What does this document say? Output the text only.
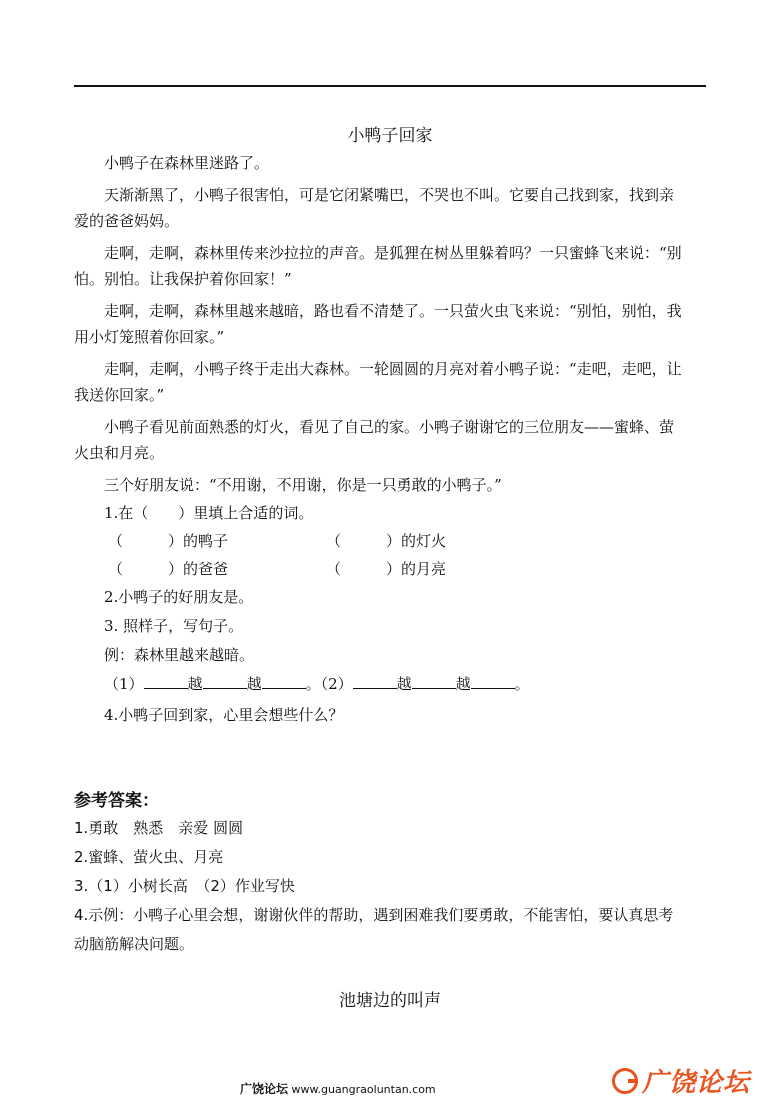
小鸭子回家
小鸭子在森林里迷路了。
天渐渐黑了，小鸭子很害怕，可是它闭紧嘴巴，不哭也不叫。它要自己找到家，找到亲
爱的爸爸妈妈。
走啊，走啊，森林里传来沙拉拉的声音。是狐狸在树丛里躲着吗？一只蜜蜂飞来说：“别
怕。别怕。让我保护着你回家！”
走啊，走啊，森林里越来越暗，路也看不清楚了。一只萤火虫飞来说：“别怕，别怕，我
用小灯笼照着你回家。”
走啊，走啊，小鸭子终于走出大森林。一轮圆圆的月亮对着小鸭子说：“走吧，走吧，让
我送你回家。”
小鸭子看见前面熟悉的灯火，看见了自己的家。小鸭子谢谢它的三位朋友——蜜蜂、萤
火虫和月亮。
三个好朋友说：“不用谢，不用谢，你是一只勇敢的小鸭子。”
1.在（　　）里填上合适的词。
（　　　）的鸭子	（　　　）的灯火
（　　　）的爸爸	（　　　）的月亮
2.小鸭子的好朋友是。
3. 照样子，写句子。
例：森林里越来越暗。
（1）	越	越	。（2）	越	越	。
4.小鸭子回到家，心里会想些什么？
参考答案：
1.勇敢　熟悉　亲爱 圆圆
2.蜜蜂、萤火虫、月亮
3.（1）小树长高　（2）作业写快
4.示例：小鸭子心里会想，谢谢伙伴的帮助，遇到困难我们要勇敢，不能害怕，要认真思考
动脑筋解决问题。
池塘边的叫声
广饶论坛 www.guangraoluntan.com	广饶论坛
